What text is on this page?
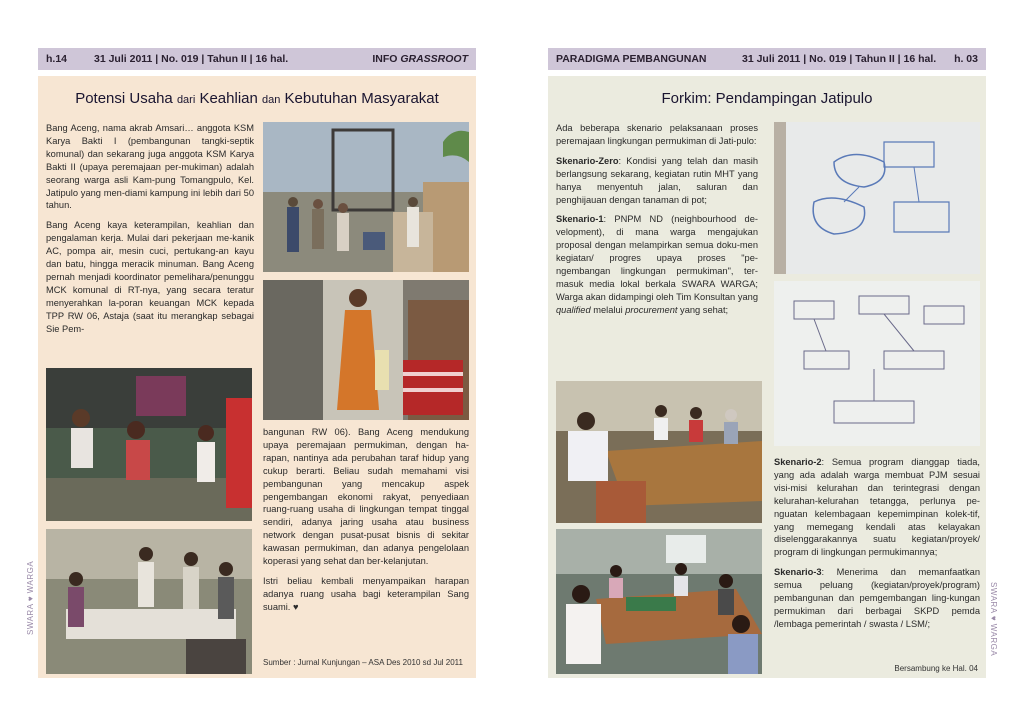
h.14	31 Juli 2011 | No. 019 | Tahun II | 16 hal.	INFO GRASSROOT
Potensi Usaha dari Keahlian dan Kebutuhan Masyarakat

Bang Aceng, nama akrab Amsari… anggota KSM Karya Bakti I (pembangunan tangki-septik komunal) dan sekarang juga anggota KSM Karya Bakti II (upaya peremajaan per-mukiman) adalah seorang warga asli Kam-pung Tomangpulo, Kel. Jatipulo yang men-diami kampung ini lebih dari 50 tahun.

Bang Aceng kaya keterampilan, keahlian dan pengalaman kerja. Mulai dari pekerjaan me-kanik AC, pompa air, mesin cuci, pertukang-an kayu dan batu, hingga meracik minuman. Bang Aceng pernah menjadi koordinator pemelihara/penunggu MCK komunal di RT-nya, yang secara teratur menyerahkan la-poran keuangan MCK kepada TPP RW 06, Astaja (saat itu merangkap sebagai Sie Pem-

bangunan RW 06). Bang Aceng mendukung upaya peremajaan permukiman, dengan ha-rapan, nantinya ada perubahan taraf hidup yang cukup berarti. Beliau sudah memahami visi pembangunan yang mencakup aspek pengembangan ekonomi rakyat, penyediaan ruang-ruang usaha di lingkungan tempat tinggal sendiri, adanya jaring usaha atau business network dengan pusat-pusat bisnis di sekitar kawasan permukiman, dan adanya pengelolaan koperasi yang sehat dan ber-kelanjutan.

Istri beliau kembali menyampaikan harapan adanya ruang usaha bagi keterampilan Sang suami. ♥

Sumber : Jurnal Kunjungan – ASA Des 2010 sd Jul 2011
SWARA ♥ WARGA
PARADIGMA PEMBANGUNAN	31 Juli 2011 | No. 019 | Tahun II | 16 hal. h. 03
Forkim: Pendampingan Jatipulo

Ada beberapa skenario pelaksanaan proses peremajaan lingkungan permukiman di Jati-pulo:

Skenario-Zero: Kondisi yang telah dan masih berlangsung sekarang, kegiatan rutin MHT yang hanya menyentuh jalan, saluran dan penghijauan dengan tanaman di pot;

Skenario-1: PNPM ND (neighbourhood de-velopment), di mana warga mengajukan proposal dengan melampirkan semua doku-men kegiatan/ progres upaya proses "pe-ngembangan lingkungan permukiman", ter-masuk media lokal berkala SWARA WARGA; Warga akan didampingi oleh Tim Konsultan yang qualified melalui procurement yang sehat;

Skenario-2: Semua program dianggap tiada, yang ada adalah warga membuat PJM sesuai visi-misi kelurahan dan terintegrasi dengan kelurahan-kelurahan tetangga, perlunya pe-nguatan kelembagaan kepemimpinan kolek-tif, yang memegang kendali atas kelayakan diselenggarakannya suatu kegiatan/proyek/ program di lingkungan permukimannya;

Skenario-3: Menerima dan memanfaatkan semua peluang (kegiatan/proyek/program) pembangunan dan pemgembangan ling-kungan permukiman dari berbagai SKPD pemda /lembaga pemerintah / swasta / LSM/;

Bersambung ke Hal. 04
SWARA ♥ WARGA
